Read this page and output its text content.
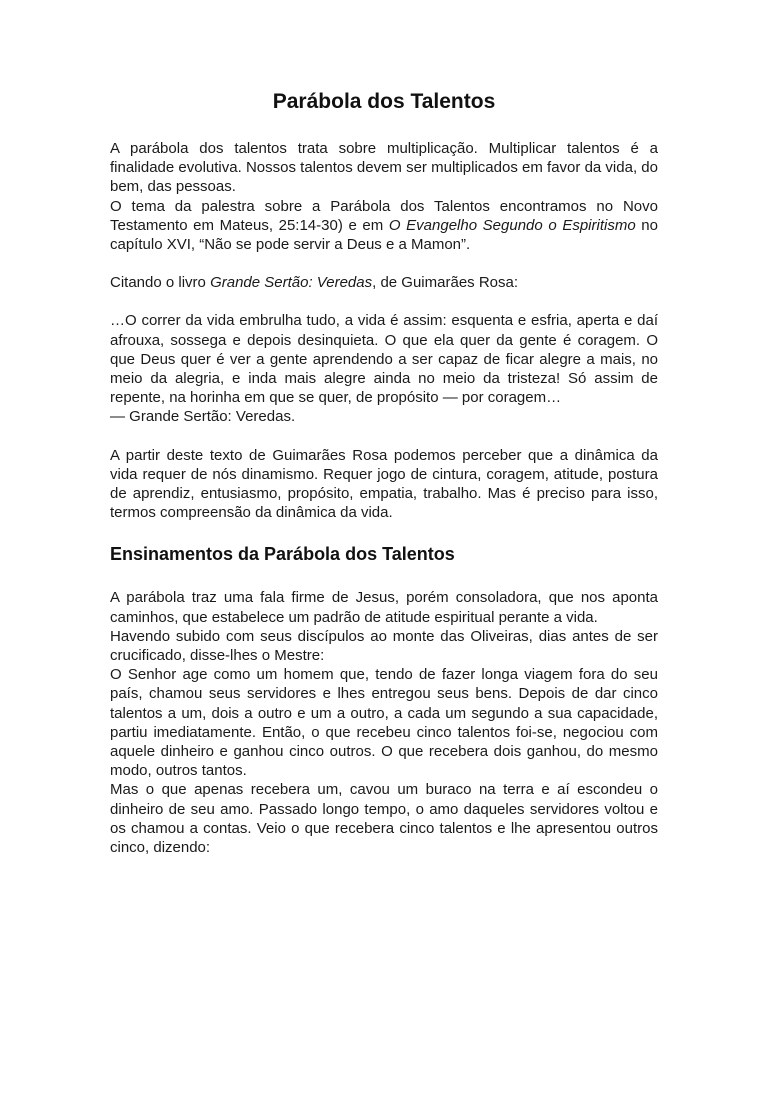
Parábola dos Talentos

A parábola dos talentos trata sobre multiplicação. Multiplicar talentos é a finalidade evolutiva. Nossos talentos devem ser multiplicados em favor da vida, do bem, das pessoas.

O tema da palestra sobre a Parábola dos Talentos encontramos no Novo Testamento em Mateus, 25:14-30) e em O Evangelho Segundo o Espiritismo no capítulo XVI, “Não se pode servir a Deus e a Mamon”.

Citando o livro Grande Sertão: Veredas, de Guimarães Rosa:

…O correr da vida embrulha tudo, a vida é assim: esquenta e esfria, aperta e daí afrouxa, sossega e depois desinquieta. O que ela quer da gente é coragem. O que Deus quer é ver a gente aprendendo a ser capaz de ficar alegre a mais, no meio da alegria, e inda mais alegre ainda no meio da tristeza! Só assim de repente, na horinha em que se quer, de propósito — por coragem…

— Grande Sertão: Veredas.

A partir deste texto de Guimarães Rosa podemos perceber que a dinâmica da vida requer de nós dinamismo. Requer jogo de cintura, coragem, atitude, postura de aprendiz, entusiasmo, propósito, empatia, trabalho. Mas é preciso para isso, termos compreensão da dinâmica da vida.

Ensinamentos da Parábola dos Talentos

A parábola traz uma fala firme de Jesus, porém consoladora, que nos aponta caminhos, que estabelece um padrão de atitude espiritual perante a vida.

Havendo subido com seus discípulos ao monte das Oliveiras, dias antes de ser crucificado, disse-lhes o Mestre:

O Senhor age como um homem que, tendo de fazer longa viagem fora do seu país, chamou seus servidores e lhes entregou seus bens. Depois de dar cinco talentos a um, dois a outro e um a outro, a cada um segundo a sua capacidade, partiu imediatamente. Então, o que recebeu cinco talentos foi-se, negociou com aquele dinheiro e ganhou cinco outros. O que recebera dois ganhou, do mesmo modo, outros tantos.

Mas o que apenas recebera um, cavou um buraco na terra e aí escondeu o dinheiro de seu amo. Passado longo tempo, o amo daqueles servidores voltou e os chamou a contas. Veio o que recebera cinco talentos e lhe apresentou outros cinco, dizendo:
